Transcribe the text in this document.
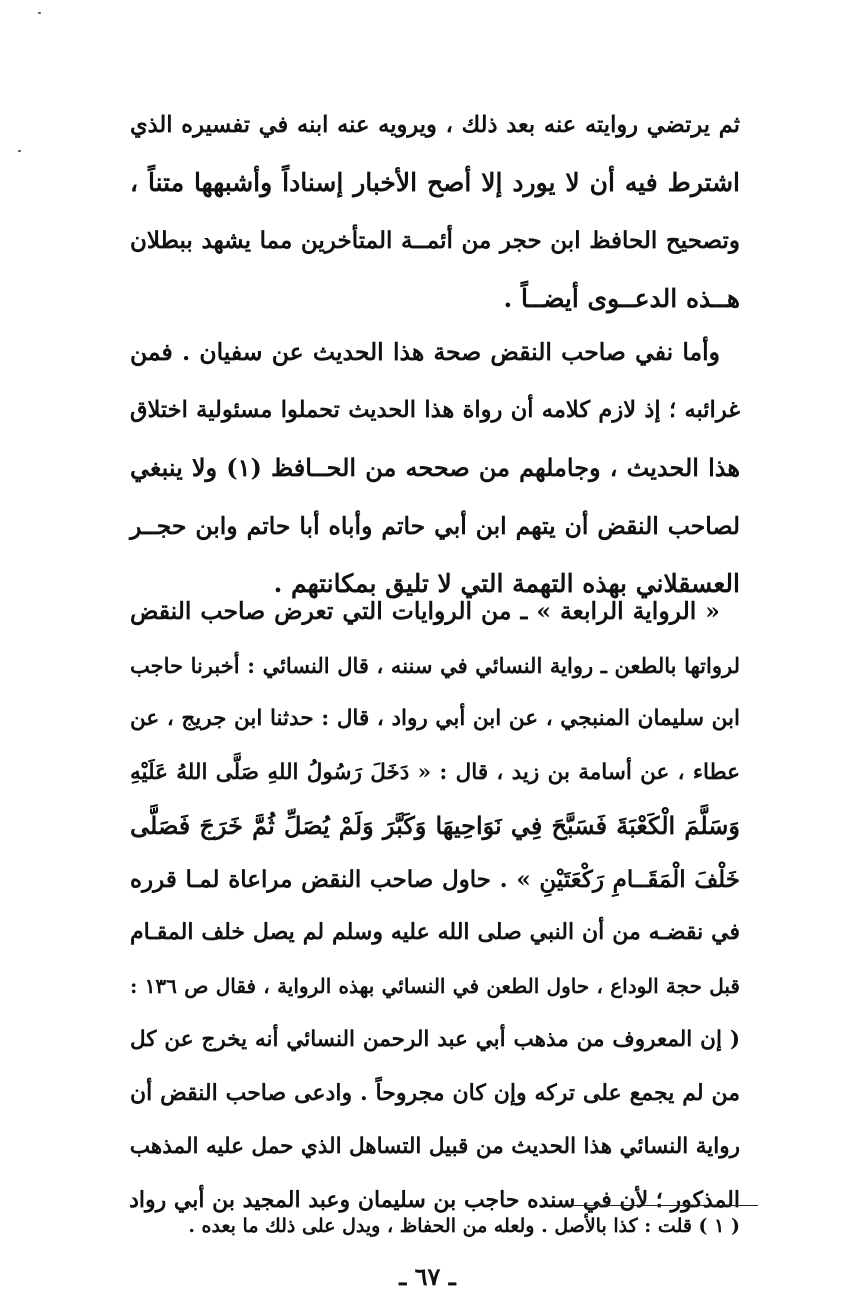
ثم يرتضي روايته عنه بعد ذلك ، ويرويه عنه ابنه في تفسيره الذي
اشترط فيه أن لا يورد إلا أصح الأخبار إسناداً وأشبهها متناً ،
وتصحيح الحافظ ابن حجر من أئمــة المتأخرين مما يشهد ببطلان
هــذه الدعــوى أيضــاً .
وأما نفي صاحب النقض صحة هذا الحديث عن سفيان . فمن
غرائبه ؛ إذ لازم كلامه أن رواة هذا الحديث تحملوا مسئولية اختلاق
هذا الحديث ، وجاملهم من صححه من الحــافظ (١) ولا ينبغي
لصاحب النقض أن يتهم ابن أبي حاتم وأباه أبا حاتم وابن حجــر
العسقلاني بهذه التهمة التي لا تليق بمكانتهم .
« الرواية الرابعة » ـ من الروايات التي تعرض صاحب النقض
لرواتها بالطعن ـ رواية النسائي في سننه ، قال النسائي : أخبرنا حاجب
ابن سليمان المنبجي ، عن ابن أبي رواد ، قال : حدثنا ابن جريج ، عن
عطاء ، عن أسامة بن زيد ، قال : « دَخَلَ رَسُولُ اللهِ صَلَّى اللهُ عَلَيْهِ
وَسَلَّمَ الْكَعْبَةَ فَسَبَّحَ فِي نَوَاحِيهَا وَكَبَّرَ وَلَمْ يُصَلِّ ثُمَّ خَرَجَ فَصَلَّى
خَلْفَ الْمَقَــامِ رَكْعَتَيْنِ » . حاول صاحب النقض مراعاة لمـا قرره
في نقضـه من أن النبي صلى الله عليه وسلم لم يصل خلف المقـام
قبل حجة الوداع ، حاول الطعن في النسائي بهذه الرواية ، فقال ص ١٣٦ :
( إن المعروف من مذهب أبي عبد الرحمن النسائي أنه يخرج عن كل
من لم يجمع على تركه وإن كان مجروحاً . وادعى صاحب النقض أن
رواية النسائي هذا الحديث من قبيل التساهل الذي حمل عليه المذهب
المذكور ؛ لأن في سنده حاجب بن سليمان وعبد المجيد بن أبي رواد
( ١ ) قلت : كذا بالأصل . ولعله من الحفاظ ، ويدل على ذلك ما بعده .
ـ ٦٧ ـ
